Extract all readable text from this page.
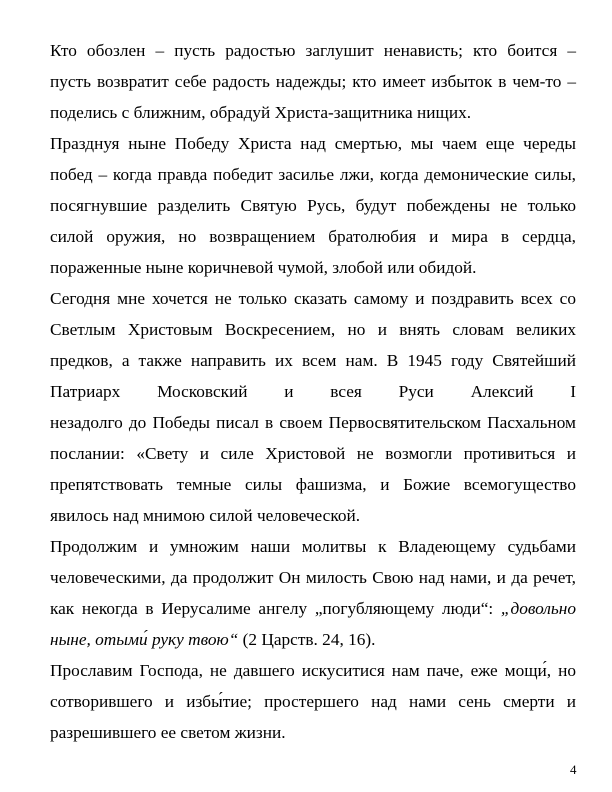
Кто обозлен – пусть радостью заглушит ненависть; кто боится –
пусть возвратит себе радость надежды; кто имеет избыток в чем-то –
поделись с ближним, обрадуй Христа-защитника нищих.
Празднуя ныне Победу Христа над смертью, мы чаем еще череды
побед – когда правда победит засилье лжи, когда демонические силы,
посягнувшие разделить Святую Русь, будут побеждены не только
силой оружия, но возвращением братолюбия и мира в сердца,
пораженные ныне коричневой чумой, злобой или обидой.
Сегодня мне хочется не только сказать самому и поздравить всех со
Светлым Христовым Воскресением, но и внять словам великих
предков, а также направить их всем нам. В 1945 году Святейший
Патриарх Московский и всея Руси Алексий I
незадолго до Победы писал в своем Первосвятительском Пасхальном
послании: «Свету и силе Христовой не возмогли противиться и
препятствовать темные силы фашизма, и Божие всемогущество
явилось над мнимою силой человеческой.
Продолжим и умножим наши молитвы к Владеющему судьбами
человеческими, да продолжит Он милость Свою над нами, и да речет,
как некогда в Иерусалиме ангелу „погубляющему люди“: „довольно
ныне, отыми́ руку твою“ (2 Царств. 24, 16).
Прославим Господа, не давшего искуситися нам паче, еже мощи́, но
сотворившего и избы́тие; простершего над нами сень смерти и
разрешившего ее светом жизни.
4
